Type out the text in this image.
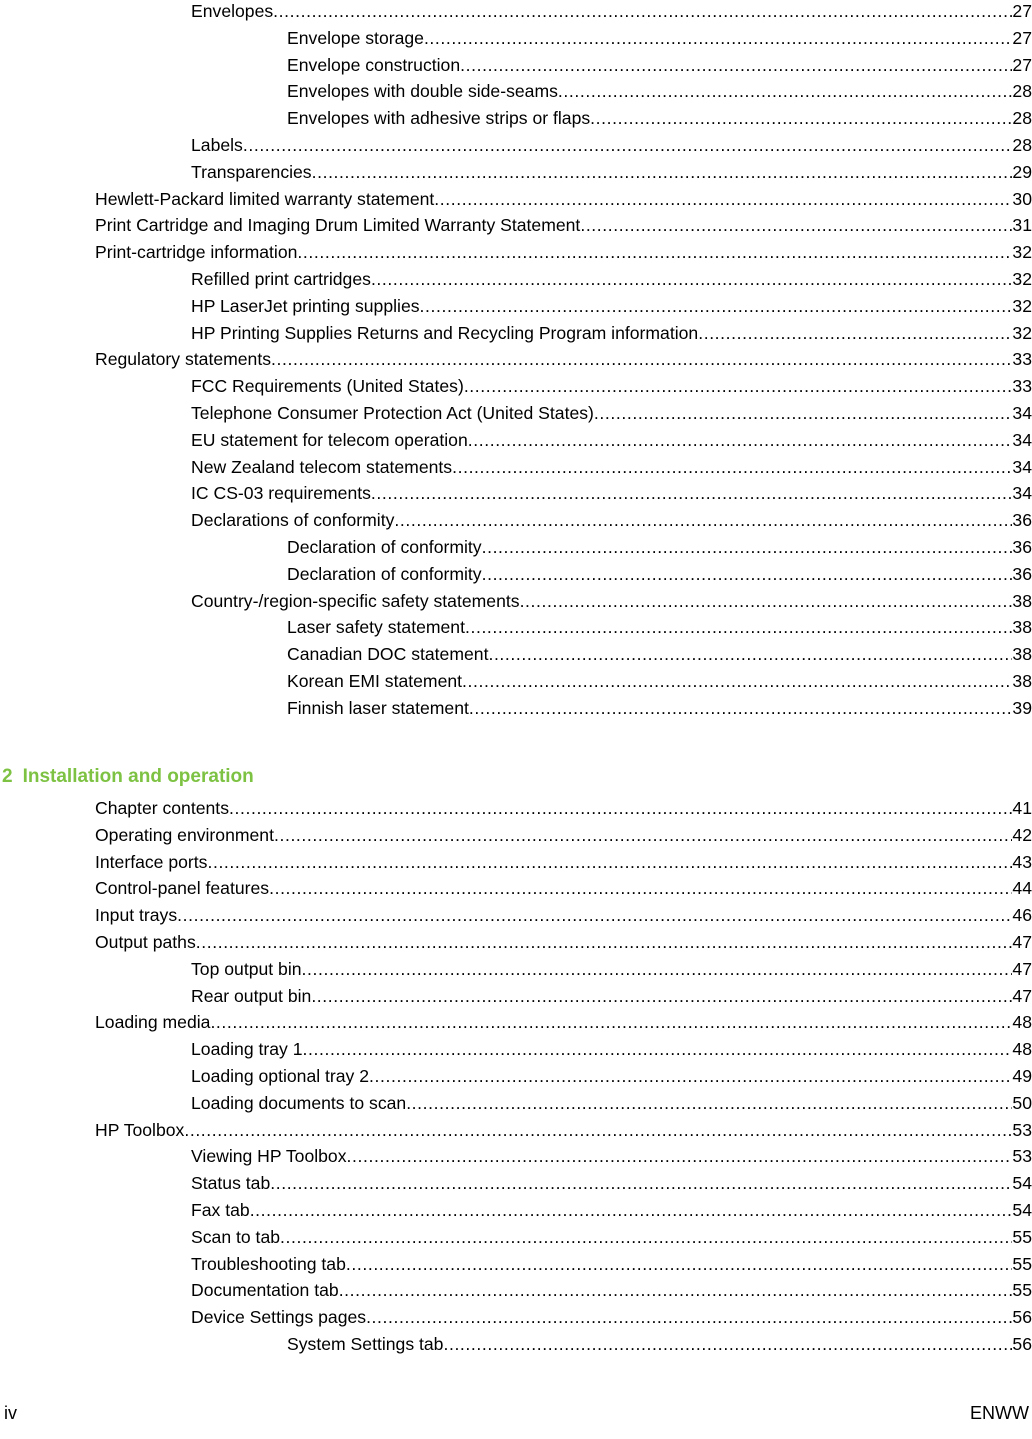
Envelopes .....	27
Envelope storage .....	27
Envelope construction .....	27
Envelopes with double side-seams .....	28
Envelopes with adhesive strips or flaps .....	28
Labels .....	28
Transparencies .....	29
Hewlett-Packard limited warranty statement .....	30
Print Cartridge and Imaging Drum Limited Warranty Statement .....	31
Print-cartridge information .....	32
Refilled print cartridges .....	32
HP LaserJet printing supplies .....	32
HP Printing Supplies Returns and Recycling Program information .....	32
Regulatory statements .....	33
FCC Requirements (United States) .....	33
Telephone Consumer Protection Act (United States) .....	34
EU statement for telecom operation .....	34
New Zealand telecom statements .....	34
IC CS-03 requirements .....	34
Declarations of conformity .....	36
Declaration of conformity .....	36
Declaration of conformity .....	36
Country-/region-specific safety statements .....	38
Laser safety statement .....	38
Canadian DOC statement .....	38
Korean EMI statement .....	38
Finnish laser statement .....	39
2 Installation and operation
Chapter contents .....	41
Operating environment .....	42
Interface ports .....	43
Control-panel features .....	44
Input trays .....	46
Output paths .....	47
Top output bin .....	47
Rear output bin .....	47
Loading media .....	48
Loading tray 1 .....	48
Loading optional tray 2 .....	49
Loading documents to scan .....	50
HP Toolbox .....	53
Viewing HP Toolbox .....	53
Status tab .....	54
Fax tab .....	54
Scan to tab .....	55
Troubleshooting tab .....	55
Documentation tab .....	55
Device Settings pages .....	56
System Settings tab .....	56
iv	ENWW
